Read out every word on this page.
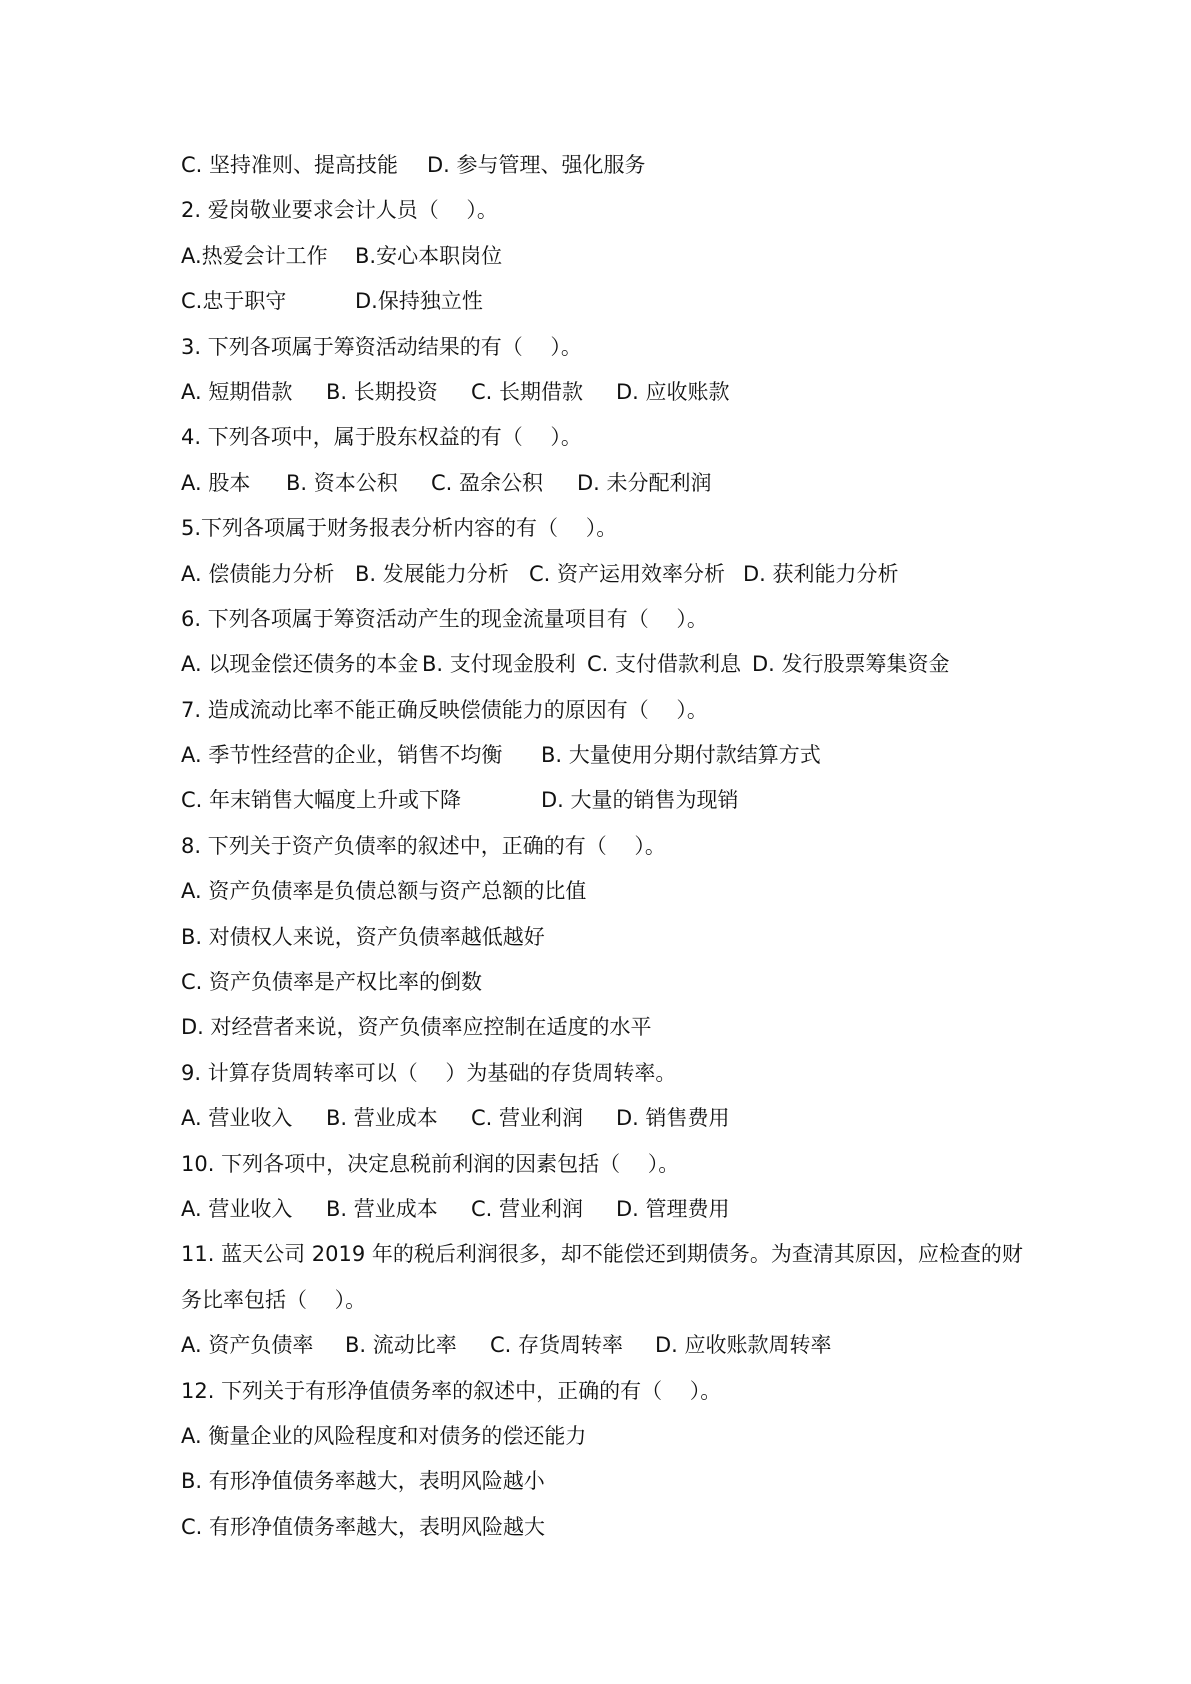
C. 坚持准则、提高技能 D. 参与管理、强化服务
2. 爱岗敬业要求会计人员（　 ）。
A.热爱会计工作 B.安心本职岗位
C.忠于职守	D.保持独立性
3. 下列各项属于筹资活动结果的有（　 ）。
A. 短期借款 B. 长期投资 C. 长期借款 D. 应收账款
4. 下列各项中，属于股东权益的有（　 ）。
A. 股本 B. 资本公积 C. 盈余公积 D. 未分配利润
5.下列各项属于财务报表分析内容的有（　 ）。
A. 偿债能力分析 B. 发展能力分析 C. 资产运用效率分析 D. 获利能力分析
6. 下列各项属于筹资活动产生的现金流量项目有（　 ）。
A. 以现金偿还债务的本金 B. 支付现金股利 C. 支付借款利息 D. 发行股票筹集资金
7. 造成流动比率不能正确反映偿债能力的原因有（　 ）。
A. 季节性经营的企业，销售不均衡 B. 大量使用分期付款结算方式
C. 年末销售大幅度上升或下降	D. 大量的销售为现销
8. 下列关于资产负债率的叙述中，正确的有（　 ）。
A. 资产负债率是负债总额与资产总额的比值
B. 对债权人来说，资产负债率越低越好
C. 资产负债率是产权比率的倒数
D. 对经营者来说，资产负债率应控制在适度的水平
9. 计算存货周转率可以（　 ）为基础的存货周转率。
A. 营业收入 B. 营业成本 C. 营业利润 D. 销售费用
10. 下列各项中，决定息税前利润的因素包括（　 ）。
A. 营业收入 B. 营业成本 C. 营业利润 D. 管理费用
11. 蓝天公司 2019 年的税后利润很多，却不能偿还到期债务。为查清其原因，应检查的财
务比率包括（　 ）。
A. 资产负债率 B. 流动比率 C. 存货周转率 D. 应收账款周转率
12. 下列关于有形净值债务率的叙述中，正确的有（　 ）。
A. 衡量企业的风险程度和对债务的偿还能力
B. 有形净值债务率越大，表明风险越小
C. 有形净值债务率越大，表明风险越大
